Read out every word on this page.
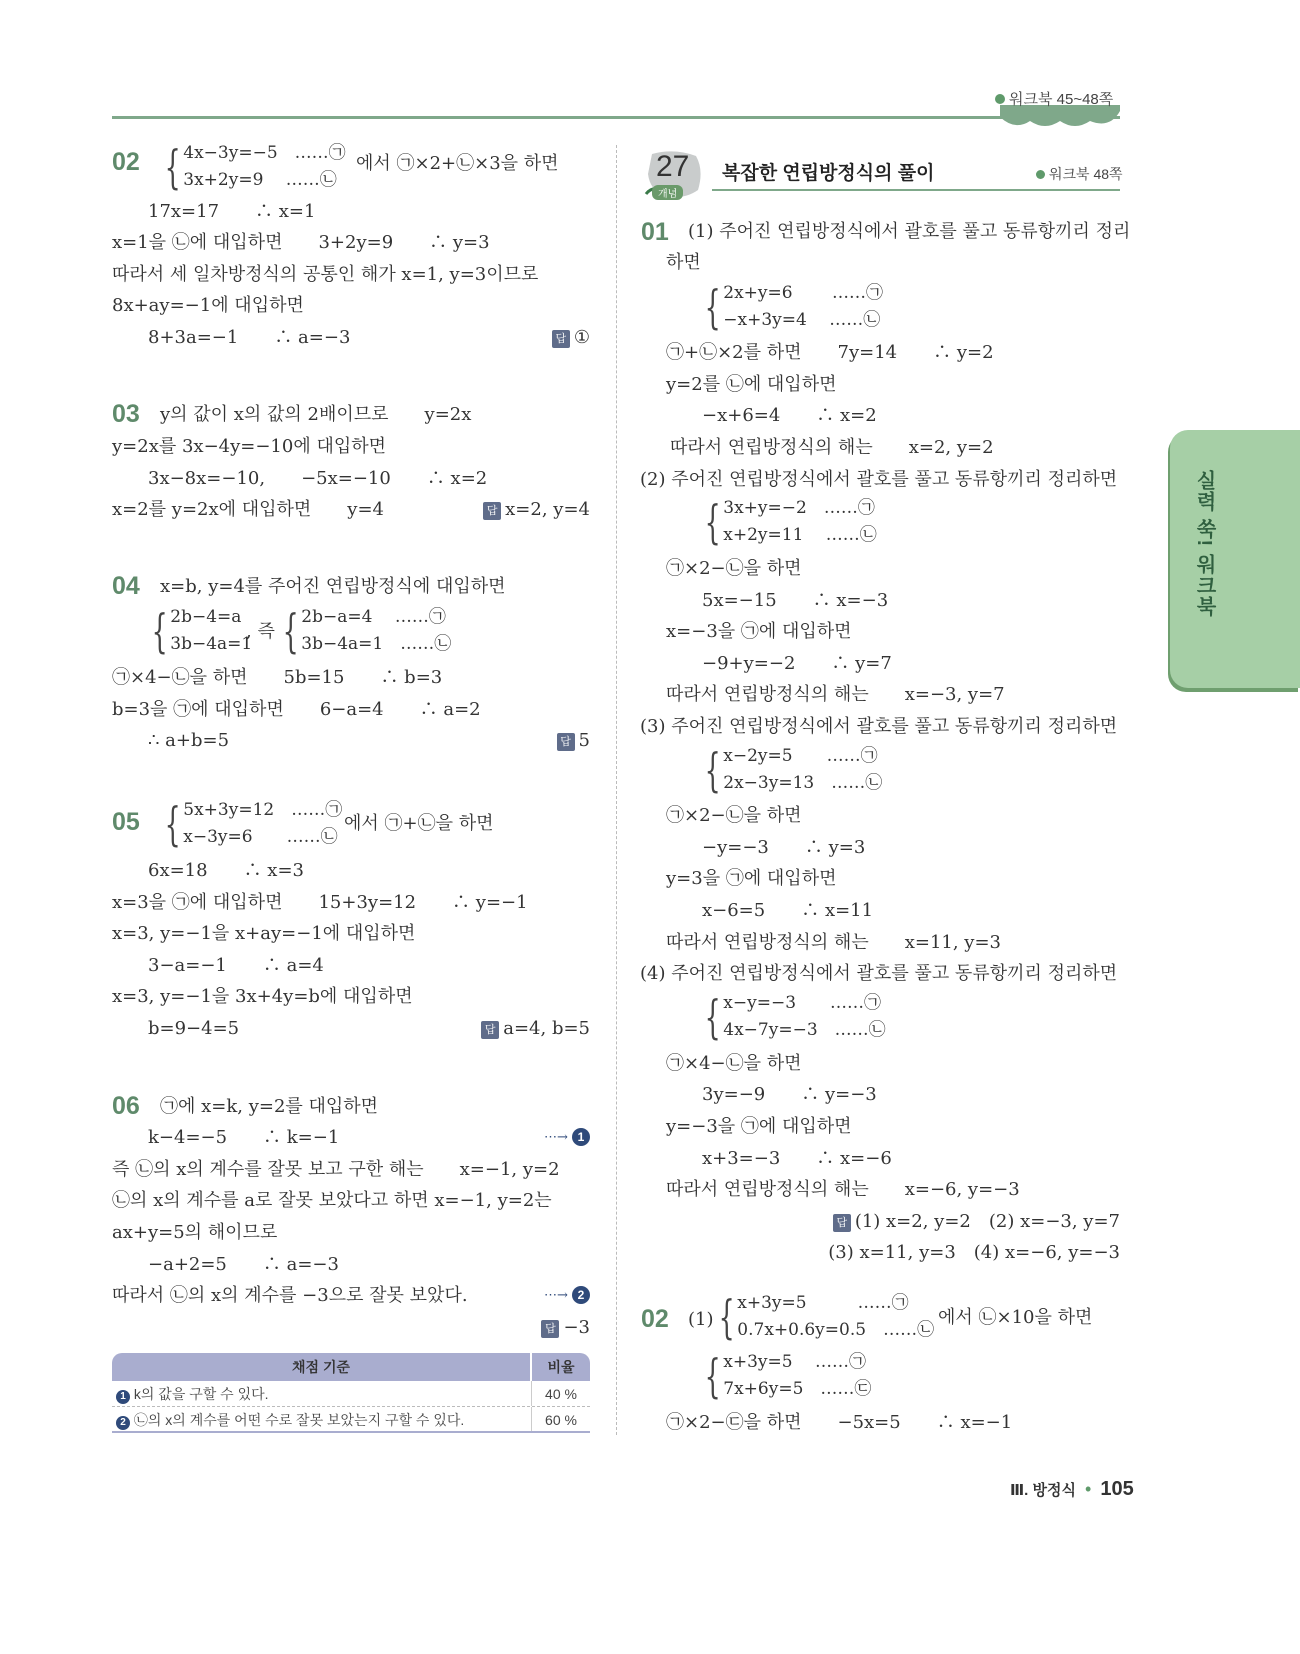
워크북 45~48쪽
실력 쑥! 워크북
02 { 4x−3y=−5　……㉠
3x+2y=9　 ……㉡
에서 ㉠×2+㉡×3을 하면
17x=17　　∴ x=1
x=1을 ㉡에 대입하면　　3+2y=9　　∴ y=3
따라서 세 일차방정식의 공통인 해가 x=1, y=3이므로
8x+ay=−1에 대입하면
8+3a=−1　　∴ a=−3	답 ①
03 y의 값이 x의 값의 2배이므로　　y=2x
y=2x를 3x−4y=−10에 대입하면
3x−8x=−10,　　−5x=−10　　∴ x=2
x=2를 y=2x에 대입하면　　y=4	답 x=2, y=4
04 x=b, y=4를 주어진 연립방정식에 대입하면
{ 2b−4=a
3b−4a=1
, 즉 { 2b−a=4　 ……㉠
3b−4a=1　……㉡
㉠×4−㉡을 하면　　5b=15　　∴ b=3
b=3을 ㉠에 대입하면　　6−a=4　　∴ a=2
∴ a+b=5	답 5
05 { 5x+3y=12　……㉠
x−3y=6　　……㉡
에서 ㉠+㉡을 하면
6x=18　　∴ x=3
x=3을 ㉠에 대입하면　　15+3y=12　　∴ y=−1
x=3, y=−1을 x+ay=−1에 대입하면
3−a=−1　　∴ a=4
x=3, y=−1을 3x+4y=b에 대입하면
b=9−4=5	답 a=4, b=5
06 ㉠에 x=k, y=2를 대입하면
k−4=−5　　∴ k=−1	⋯→ 1
즉 ㉡의 x의 계수를 잘못 보고 구한 해는　　x=−1, y=2
㉡의 x의 계수를 a로 잘못 보았다고 하면 x=−1, y=2는
ax+y=5의 해이므로
−a+2=5　　∴ a=−3
따라서 ㉡의 x의 계수를 −3으로 잘못 보았다.	⋯→ 2
답 −3
채점 기준	비율
1 k의 값을 구할 수 있다.	40 %
2 ㉡의 x의 계수를 어떤 수로 잘못 보았는지 구할 수 있다.	60 %
27
개념
복잡한 연립방정식의 풀이	워크북 48쪽
01 (1) 주어진 연립방정식에서 괄호를 풀고 동류항끼리 정리
하면
{ 2x+y=6　　 ……㉠
−x+3y=4　 ……㉡
㉠+㉡×2를 하면　　7y=14　　∴ y=2
y=2를 ㉡에 대입하면
−x+6=4　　∴ x=2
따라서 연립방정식의 해는　　x=2, y=2
(2) 주어진 연립방정식에서 괄호를 풀고 동류항끼리 정리하면
{ 3x+y=−2　……㉠
x+2y=11　 ……㉡
㉠×2−㉡을 하면
5x=−15　　∴ x=−3
x=−3을 ㉠에 대입하면
−9+y=−2　　∴ y=7
따라서 연립방정식의 해는　　x=−3, y=7
(3) 주어진 연립방정식에서 괄호를 풀고 동류항끼리 정리하면
{ x−2y=5　　……㉠
2x−3y=13　……㉡
㉠×2−㉡을 하면
−y=−3　　∴ y=3
y=3을 ㉠에 대입하면
x−6=5　　∴ x=11
따라서 연립방정식의 해는　　x=11, y=3
(4) 주어진 연립방정식에서 괄호를 풀고 동류항끼리 정리하면
{ x−y=−3　　……㉠
4x−7y=−3　……㉡
㉠×4−㉡을 하면
3y=−9　　∴ y=−3
y=−3을 ㉠에 대입하면
x+3=−3　　∴ x=−6
따라서 연립방정식의 해는　　x=−6, y=−3
답 (1) x=2, y=2　(2) x=−3, y=7
(3) x=11, y=3　(4) x=−6, y=−3
02 (1) { x+3y=5　　　……㉠
0.7x+0.6y=0.5　……㉡
에서 ㉡×10을 하면
{ x+3y=5　 ……㉠
7x+6y=5　……㉢
㉠×2−㉢을 하면　　−5x=5　　∴ x=−1
Ⅲ. 방정식 • 105
